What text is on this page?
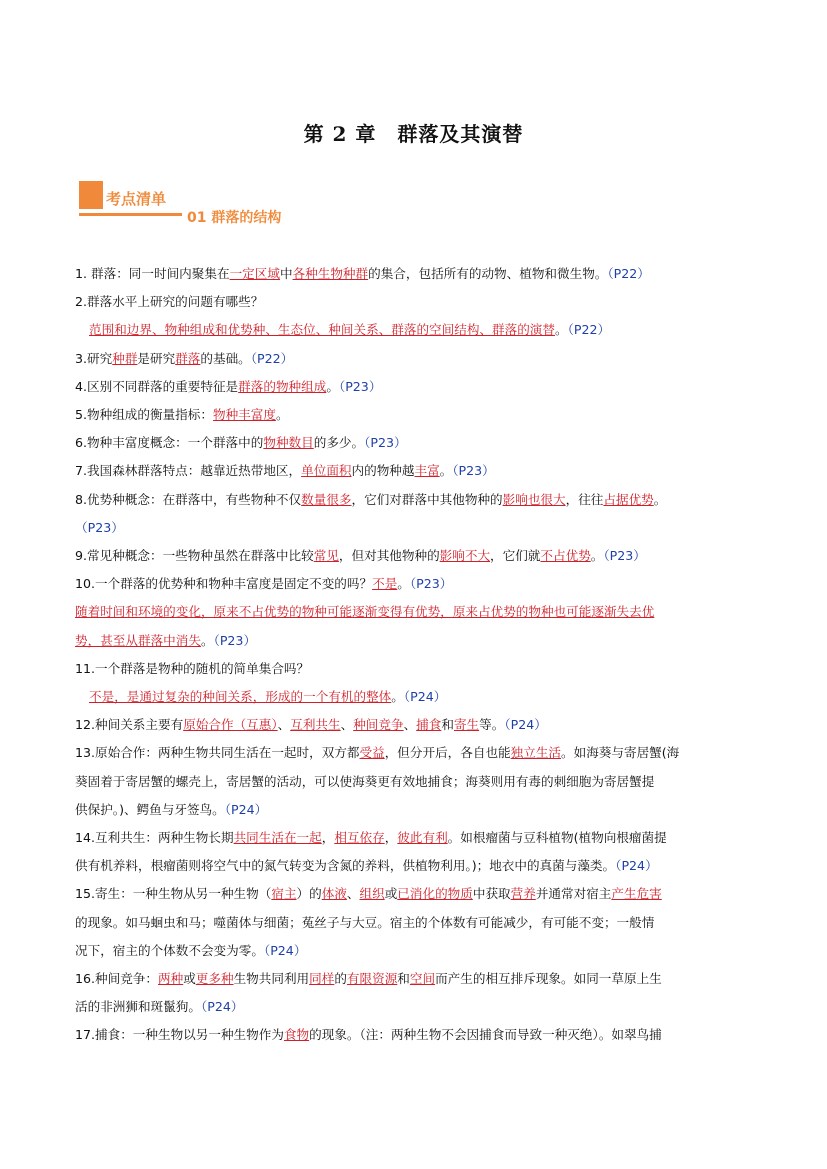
第 2 章　群落及其演替
考点清单
01 群落的结构
1. 群落：同一时间内聚集在一定区域中各种生物种群的集合，包括所有的动物、植物和微生物。（P22）
2.群落水平上研究的问题有哪些？
范围和边界、物种组成和优势种、生态位、种间关系、群落的空间结构、群落的演替。（P22）
3.研究种群是研究群落的基础。（P22）
4.区别不同群落的重要特征是群落的物种组成。（P23）
5.物种组成的衡量指标：物种丰富度。
6.物种丰富度概念：一个群落中的物种数目的多少。（P23）
7.我国森林群落特点：越靠近热带地区，单位面积内的物种越丰富。（P23）
8.优势种概念：在群落中，有些物种不仅数量很多，它们对群落中其他物种的影响也很大，往往占据优势。
（P23）
9.常见种概念：一些物种虽然在群落中比较常见，但对其他物种的影响不大，它们就不占优势。（P23）
10.一个群落的优势种和物种丰富度是固定不变的吗？不是。（P23）
随着时间和环境的变化，原来不占优势的物种可能逐渐变得有优势，原来占优势的物种也可能逐渐失去优
势，甚至从群落中消失。（P23）
11.一个群落是物种的随机的简单集合吗？
不是，是通过复杂的种间关系，形成的一个有机的整体。（P24）
12.种间关系主要有原始合作（互惠）、互利共生、种间竞争、捕食和寄生等。（P24）
13.原始合作：两种生物共同生活在一起时，双方都受益，但分开后，各自也能独立生活。如海葵与寄居蟹(海
葵固着于寄居蟹的螺壳上，寄居蟹的活动，可以使海葵更有效地捕食；海葵则用有毒的刺细胞为寄居蟹提
供保护。)、鳄鱼与牙签鸟。（P24）
14.互利共生：两种生物长期共同生活在一起，相互依存，彼此有利。如根瘤菌与豆科植物(植物向根瘤菌提
供有机养料，根瘤菌则将空气中的氮气转变为含氮的养料，供植物利用。)；地衣中的真菌与藻类。（P24）
15.寄生：一种生物从另一种生物（宿主）的体液、组织或已消化的物质中获取营养并通常对宿主产生危害
的现象。如马蛔虫和马；噬菌体与细菌；菟丝子与大豆。宿主的个体数有可能减少，有可能不变；一般情
况下，宿主的个体数不会变为零。（P24）
16.种间竞争：两种或更多种生物共同利用同样的有限资源和空间而产生的相互排斥现象。如同一草原上生
活的非洲狮和斑鬣狗。（P24）
17.捕食：一种生物以另一种生物作为食物的现象。（注：两种生物不会因捕食而导致一种灭绝）。如翠鸟捕
